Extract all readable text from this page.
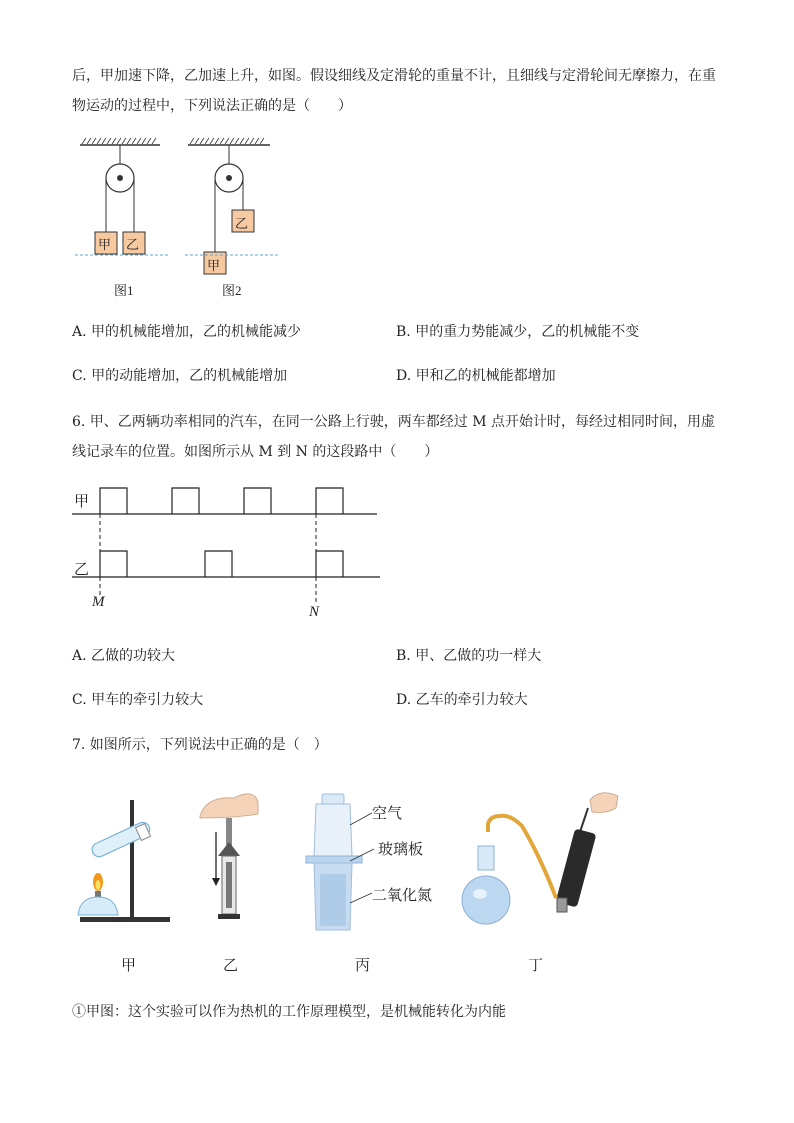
后，甲加速下降，乙加速上升，如图。假设细线及定滑轮的重量不计，且细线与定滑轮间无摩擦力，在重
物运动的过程中，下列说法正确的是（　　）
甲 乙
乙
甲
图1	图2
A. 甲的机械能增加，乙的机械能减少	B. 甲的重力势能减少，乙的机械能不变
C. 甲的动能增加，乙的机械能增加	D. 甲和乙的机械能都增加
6. 甲、乙两辆功率相同的汽车，在同一公路上行驶，两车都经过 M 点开始计时，每经过相同时间，用虚
线记录车的位置。如图所示从 M 到 N 的这段路中（　　）
甲
乙
M
N
A. 乙做的功较大	B. 甲、乙做的功一样大
C. 甲车的牵引力较大	D. 乙车的牵引力较大
7. 如图所示，下列说法中正确的是（　）
空气
玻璃板
二氧化氮
甲	乙	丙	丁
①甲图：这个实验可以作为热机的工作原理模型，是机械能转化为内能
